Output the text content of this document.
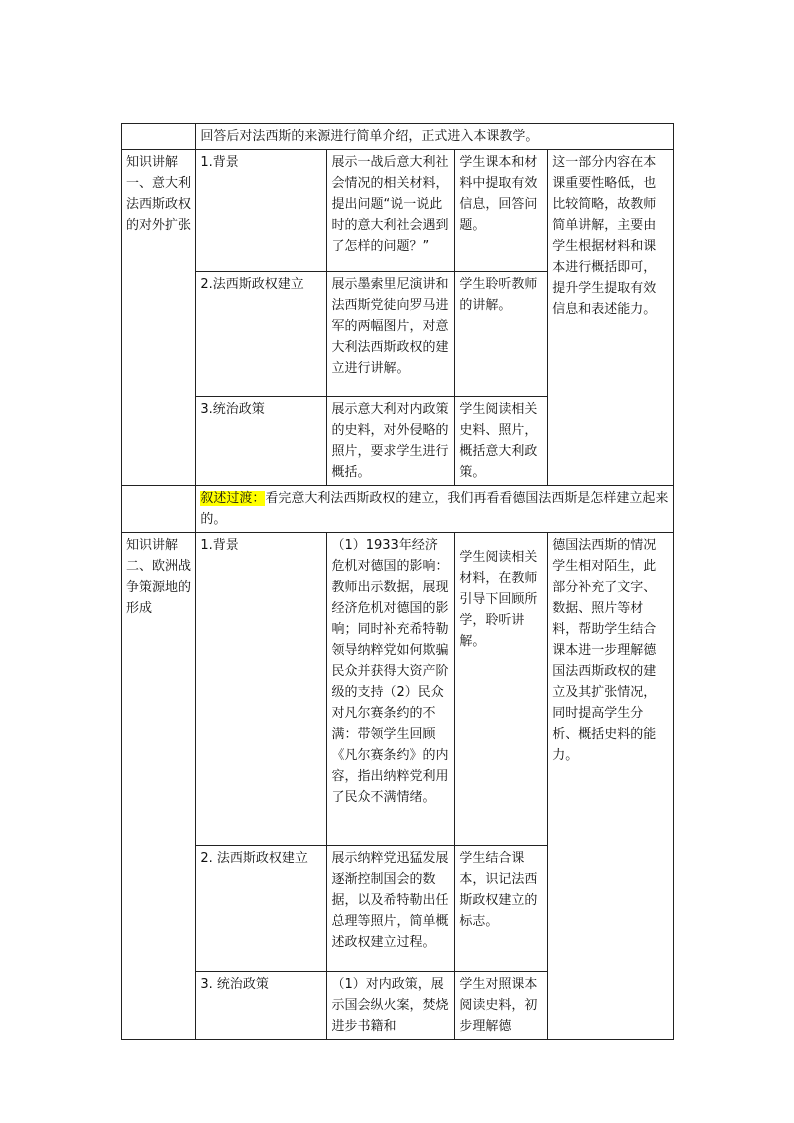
	回答后对法西斯的来源进行简单介绍，正式进入本课教学。			
知识讲解一、意大利法西斯政权的对外扩张	1.背景	展示一战后意大利社会情况的相关材料，提出问题“说一说此时的意大利社会遇到了怎样的问题？”	学生课本和材料中提取有效信息，回答问题。	这一部分内容在本课重要性略低，也比较简略，故教师简单讲解，主要由学生根据材料和课本进行概括即可，提升学生提取有效信息和表述能力。
	2.法西斯政权建立	展示墨索里尼演讲和法西斯党徒向罗马进军的两幅图片，对意大利法西斯政权的建立进行讲解。	学生聆听教师的讲解。	
	3.统治政策	展示意大利对内政策的史料，对外侵略的照片，要求学生进行概括。	学生阅读相关史料、照片，概括意大利政策。	
	叙述过渡：看完意大利法西斯政权的建立，我们再看看德国法西斯是怎样建立起来的。			
知识讲解二、欧洲战争策源地的形成	1.背景	（1）1933年经济危机对德国的影响：教师出示数据，展现经济危机对德国的影响；同时补充希特勒领导纳粹党如何欺骗民众并获得大资产阶级的支持（2）民众对凡尔赛条约的不满：带领学生回顾《凡尔赛条约》的内容，指出纳粹党利用了民众不满情绪。	学生阅读相关材料，在教师引导下回顾所学，聆听讲解。	德国法西斯的情况学生相对陌生，此部分补充了文字、数据、照片等材料，帮助学生结合课本进一步理解德国法西斯政权的建立及其扩张情况，同时提高学生分析、概括史料的能力。
	2. 法西斯政权建立	展示纳粹党迅猛发展逐渐控制国会的数据，以及希特勒出任总理等照片，简单概述政权建立过程。	学生结合课本，识记法西斯政权建立的标志。	
	3. 统治政策	（1）对内政策，展示国会纵火案，焚烧进步书籍和	学生对照课本阅读史料，初步理解德	
